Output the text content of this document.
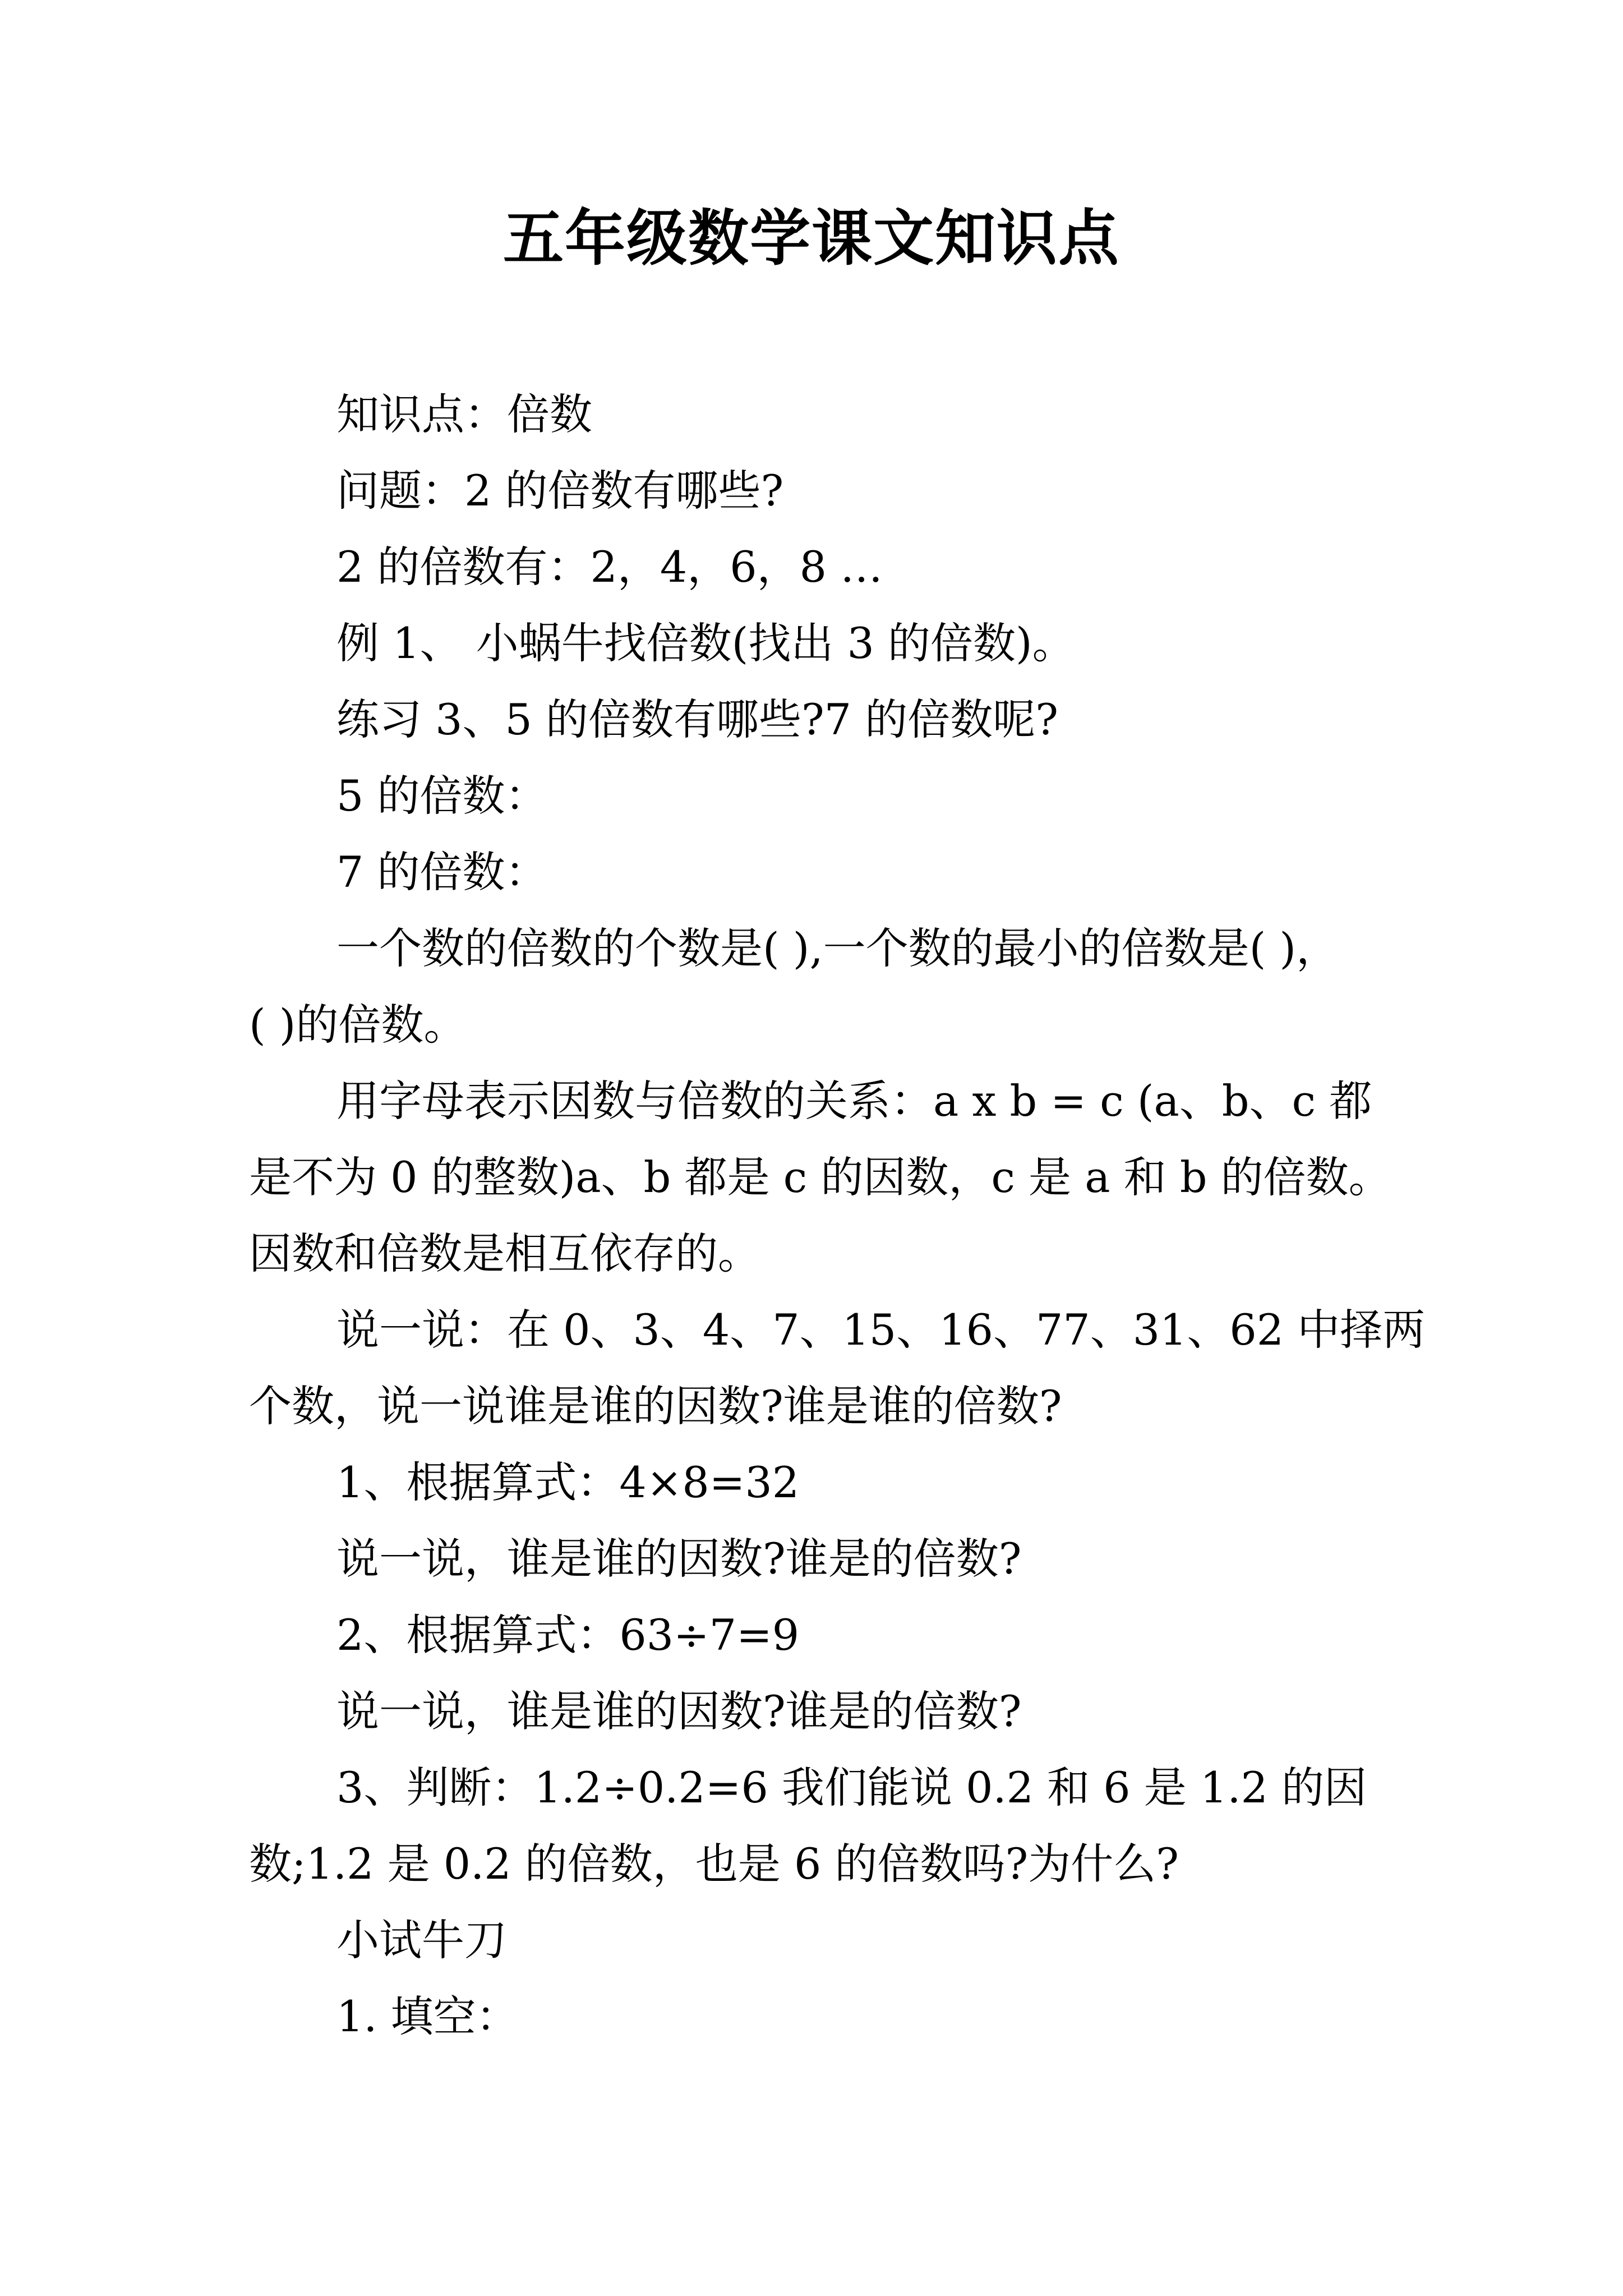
五年级数学课文知识点
知识点：倍数
问题：2 的倍数有哪些?
2 的倍数有：2，4，6，8 …
例 1、 小蜗牛找倍数(找出 3 的倍数)。
练习 3、5 的倍数有哪些?7 的倍数呢?
5 的倍数：
7 的倍数：
一个数的倍数的个数是( ),一个数的最小的倍数是( )，
( )的倍数。
用字母表示因数与倍数的关系：a x b = c (a、b、c 都
是不为 0 的整数)a、b 都是 c 的因数，c 是 a 和 b 的倍数。
因数和倍数是相互依存的。
说一说：在 0、3、4、7、15、16、77、31、62 中择两
个数，说一说谁是谁的因数?谁是谁的倍数?
1、根据算式：4×8=32
说一说，谁是谁的因数?谁是的倍数?
2、根据算式：63÷7=9
说一说，谁是谁的因数?谁是的倍数?
3、判断：1.2÷0.2=6 我们能说 0.2 和 6 是 1.2 的因
数;1.2 是 0.2 的倍数，也是 6 的倍数吗?为什么?
小试牛刀
1. 填空：
